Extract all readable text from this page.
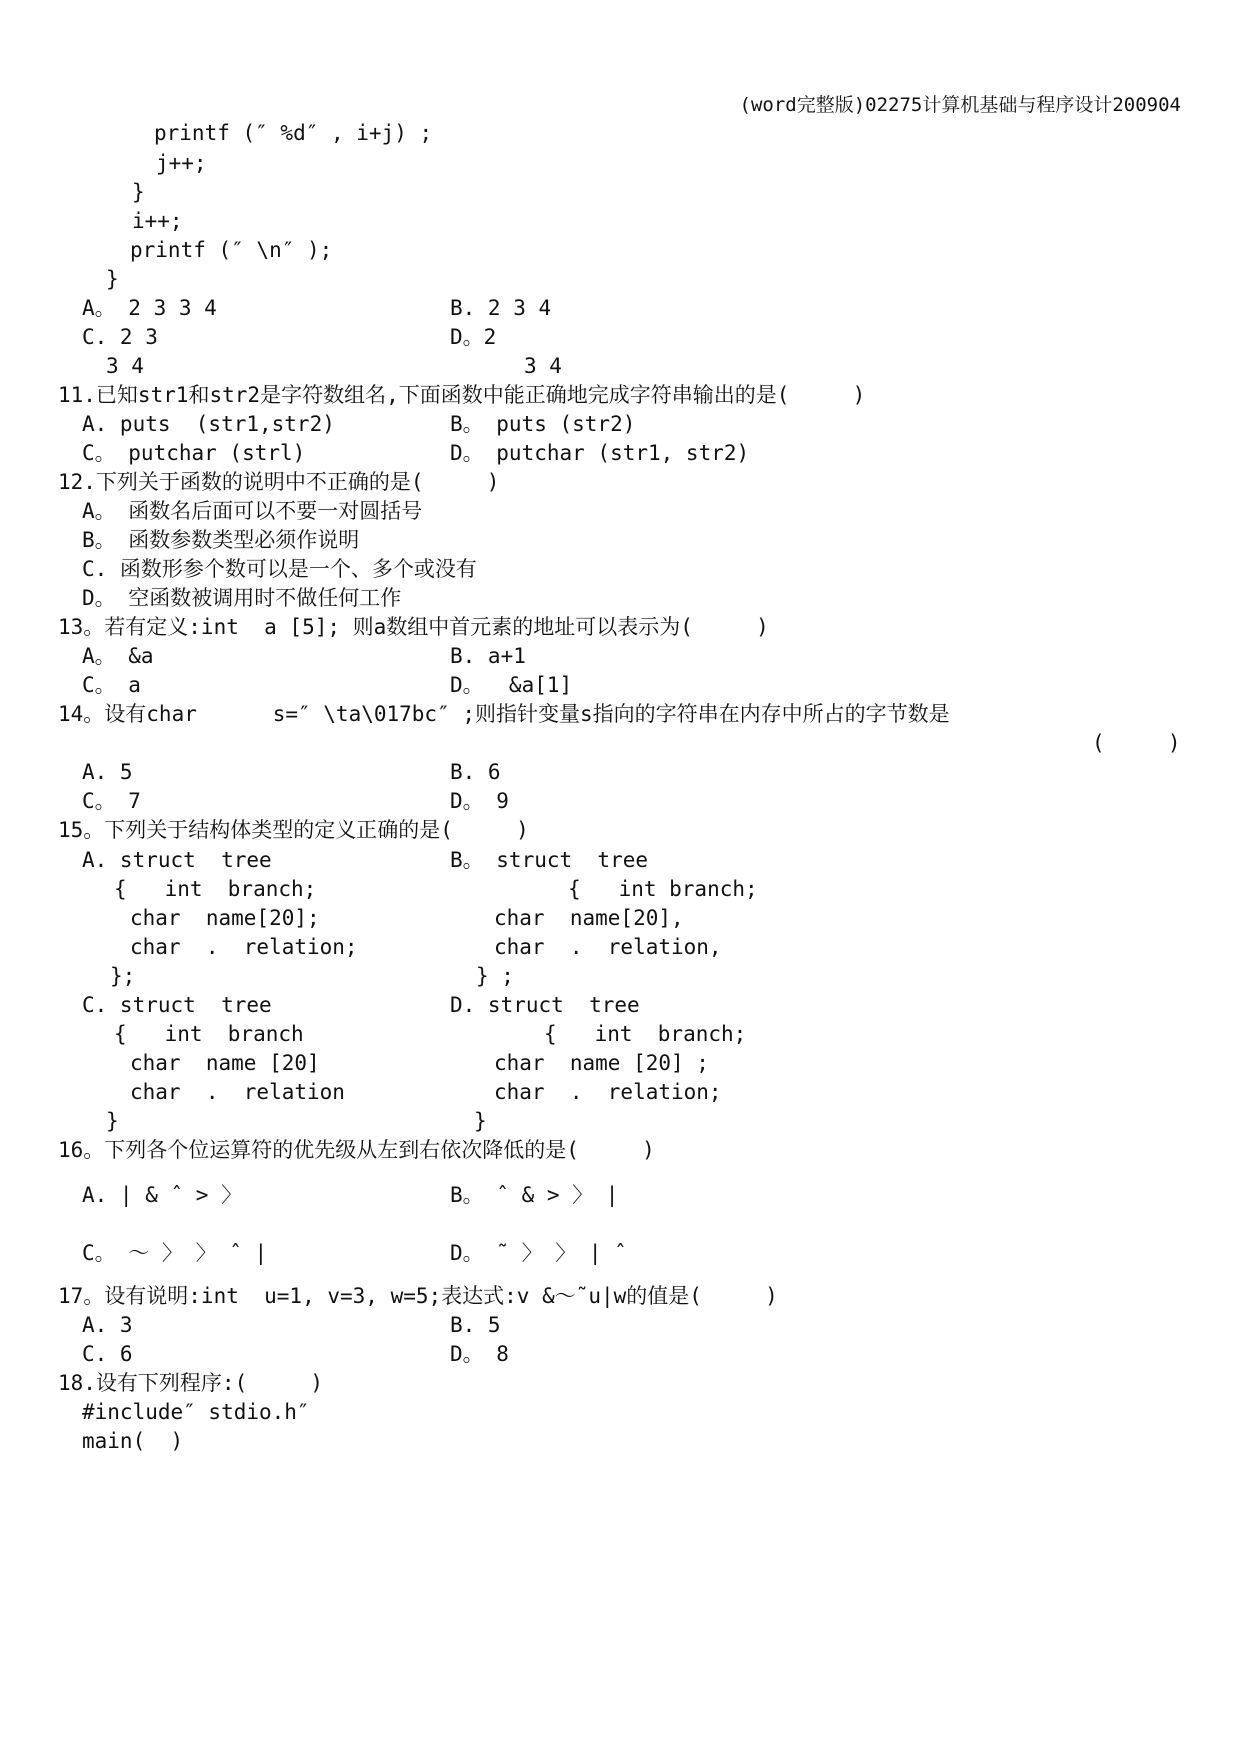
(word完整版)02275计算机基础与程序设计200904
printf (″ %d″ , i+j) ;
j++;
}
i++;
printf (″ \n″ );
}
A。 2 3 3 4	B. 2 3 4
C. 2 3	D。2
3 4	3 4
11.已知str1和str2是字符数组名,下面函数中能正确地完成字符串输出的是(     )
A. puts  (str1,str2)	B。 puts (str2)
C。 putchar (strl)	D。 putchar (str1, str2)
12.下列关于函数的说明中不正确的是(     )
A。 函数名后面可以不要一对圆括号
B。 函数参数类型必须作说明
C. 函数形参个数可以是一个、多个或没有
D。 空函数被调用时不做任何工作
13。若有定义:int  a [5]; 则a数组中首元素的地址可以表示为(     )
A。 &a	B. a+1
C。 a	D。  &a[1]
14。设有char      s=″ \ta\017bc″ ;则指针变量s指向的字符串在内存中所占的字节数是
(     )
A. 5	B. 6
C。 7	D。 9
15。下列关于结构体类型的定义正确的是(     )
A. struct  tree
{   int  branch;
char  name[20];
char  .  relation;
};
B。 struct  tree
{   int branch;
char  name[20],
char  .  relation,
} ;
C. struct  tree
{   int  branch
char  name [20]
char  .  relation
}
D. struct  tree
{   int  branch;
char  name [20] ;
char  .  relation;
}
16。下列各个位运算符的优先级从左到右依次降低的是(     )
A. | & ˆ > 〉	B。 ˆ & > 〉 |
C。 ～ 〉 〉 ˆ |	D。 ˜ 〉 〉 | ˆ
17。设有说明:int  u=1, v=3, w=5;表达式:v &～˜u|w的值是(     )
A. 3	B. 5
C. 6	D。 8
18.设有下列程序:(     )
#include″ stdio.h″
main(  )
